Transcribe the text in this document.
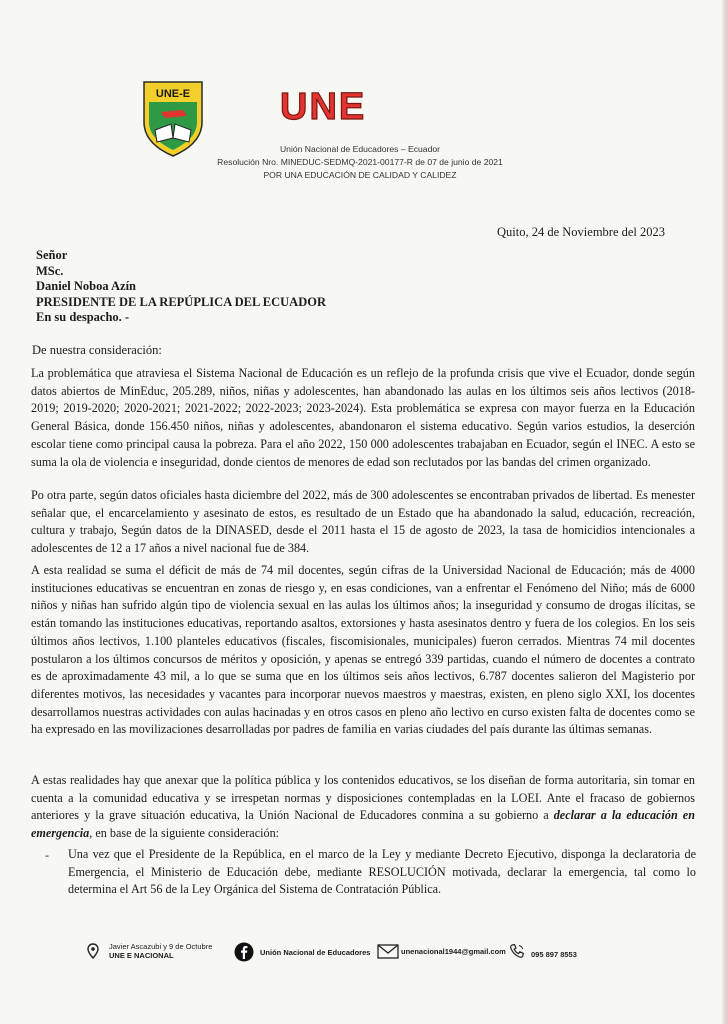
UNE-E UNE
Unión Nacional de Educadores – Ecuador
Resolución Nro. MINEDUC-SEDMQ-2021-00177-R de 07 de junio de 2021
POR UNA EDUCACIÓN DE CALIDAD Y CALIDEZ
Quito, 24 de Noviembre del 2023
Señor
MSc.
Daniel Noboa Azín
PRESIDENTE DE LA REPÚPLICA DEL ECUADOR
En su despacho. -
De nuestra consideración:
La problemática que atraviesa el Sistema Nacional de Educación es un reflejo de la profunda crisis que vive el Ecuador, donde según datos abiertos de MinEduc, 205.289, niños, niñas y adolescentes, han abandonado las aulas en los últimos seis años lectivos (2018-2019; 2019-2020; 2020-2021; 2021-2022; 2022-2023; 2023-2024). Esta problemática se expresa con mayor fuerza en la Educación General Básica, donde 156.450 niños, niñas y adolescentes, abandonaron el sistema educativo. Según varios estudios, la deserción escolar tiene como principal causa la pobreza. Para el año 2022, 150 000 adolescentes trabajaban en Ecuador, según el INEC. A esto se suma la ola de violencia e inseguridad, donde cientos de menores de edad son reclutados por las bandas del crimen organizado.
Po otra parte, según datos oficiales hasta diciembre del 2022, más de 300 adolescentes se encontraban privados de libertad. Es menester señalar que, el encarcelamiento y asesinato de estos, es resultado de un Estado que ha abandonado la salud, educación, recreación, cultura y trabajo, Según datos de la DINASED, desde el 2011 hasta el 15 de agosto de 2023, la tasa de homicidios intencionales a adolescentes de 12 a 17 años a nivel nacional fue de 384.
A esta realidad se suma el déficit de más de 74 mil docentes, según cifras de la Universidad Nacional de Educación; más de 4000 instituciones educativas se encuentran en zonas de riesgo y, en esas condiciones, van a enfrentar el Fenómeno del Niño; más de 6000 niños y niñas han sufrido algún tipo de violencia sexual en las aulas los últimos años; la inseguridad y consumo de drogas ilícitas, se están tomando las instituciones educativas, reportando asaltos, extorsiones y hasta asesinatos dentro y fuera de los colegios. En los seis últimos años lectivos, 1.100 planteles educativos (fiscales, fiscomisionales, municipales) fueron cerrados. Mientras 74 mil docentes postularon a los últimos concursos de méritos y oposición, y apenas se entregó 339 partidas, cuando el número de docentes a contrato es de aproximadamente 43 mil, a lo que se suma que en los últimos seis años lectivos, 6.787 docentes salieron del Magisterio por diferentes motivos, las necesidades y vacantes para incorporar nuevos maestros y maestras, existen, en pleno siglo XXI, los docentes desarrollamos nuestras actividades con aulas hacinadas y en otros casos en pleno año lectivo en curso existen falta de docentes como se ha expresado en las movilizaciones desarrolladas por padres de familia en varias ciudades del país durante las últimas semanas.
A estas realidades hay que anexar que la política pública y los contenidos educativos, se los diseñan de forma autoritaria, sin tomar en cuenta a la comunidad educativa y se irrespetan normas y disposiciones contempladas en la LOEI. Ante el fracaso de gobiernos anteriores y la grave situación educativa, la Unión Nacional de Educadores conmina a su gobierno a declarar a la educación en emergencia, en base de la siguiente consideración:
- Una vez que el Presidente de la República, en el marco de la Ley y mediante Decreto Ejecutivo, disponga la declaratoria de Emergencia, el Ministerio de Educación debe, mediante RESOLUCIÓN motivada, declarar la emergencia, tal como lo determina el Art 56 de la Ley Orgánica del Sistema de Contratación Pública.
Javier Ascazubi y 9 de Octubre
UNE E NACIONAL	Unión Nacional de Educadores	unenacional1944@gmail.com	095 897 8553
